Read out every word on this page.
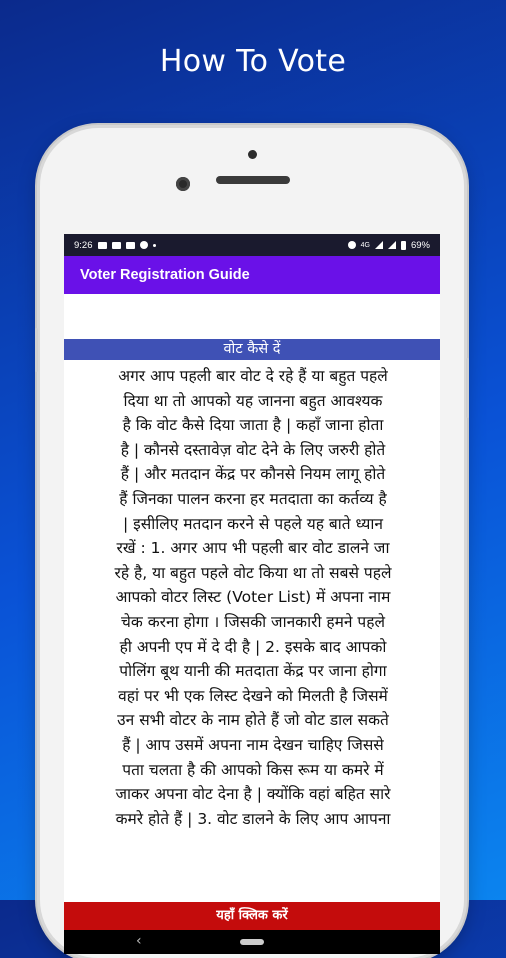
How To Vote
9:26	4G	69%
Voter Registration Guide
वोट कैसे दें
अगर आप पहली बार वोट दे रहे हैं या बहुत पहले
दिया था तो आपको यह जानना बहुत आवश्यक
है कि वोट कैसे दिया जाता है | कहाँ जाना होता
है | कौनसे दस्तावेज़ वोट देने के लिए जरुरी होते
हैं | और मतदान केंद्र पर कौनसे नियम लागू होते
हैं जिनका पालन करना हर मतदाता का कर्तव्य है
| इसीलिए मतदान करने से पहले यह बाते ध्यान
रखें : 1. अगर आप भी पहली बार वोट डालने जा
रहे है, या बहुत पहले वोट किया था तो सबसे पहले
आपको वोटर लिस्ट (Voter List) में अपना नाम
चेक करना होगा । जिसकी जानकारी हमने पहले
ही अपनी एप में दे दी है | 2. इसके बाद आपको
पोलिंग बूथ यानी की मतदाता केंद्र पर जाना होगा
वहां पर भी एक लिस्ट देखने को मिलती है जिसमें
उन सभी वोटर के नाम होते हैं जो वोट डाल सकते
हैं | आप उसमें अपना नाम देखन चाहिए जिससे
पता चलता है की आपको किस रूम या कमरे में
जाकर अपना वोट देना है | क्योंकि वहां बहित सारे
कमरे होते हैं | 3. वोट डालने के लिए आप आपना
यहाँ क्लिक करें
‹
